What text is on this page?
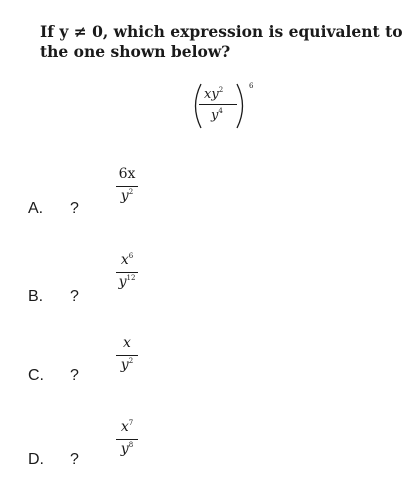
If y ≠ 0, which expression is equivalent to the one shown below?
$xy^2$
$y^4$
6
6x
$y^2$
A. ?
$x^6$
$y^{12}$
B. ?
x
$y^2$
C. ?
$x^7$
$y^8$
D. ?
